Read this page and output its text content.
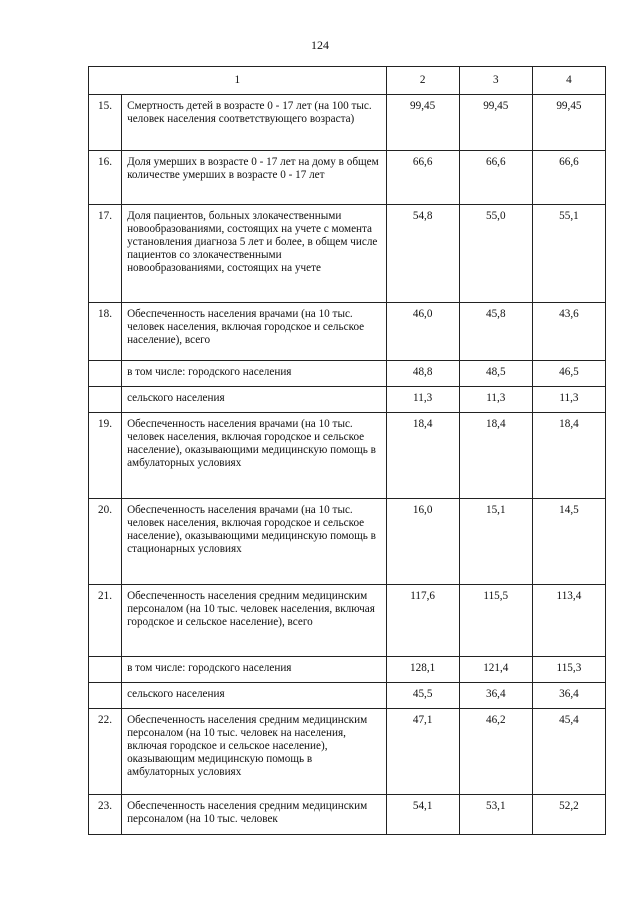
124
1		2	3	4
15.	Смертность детей в возрасте 0 - 17 лет (на 100 тыс. человек населения соответствующего возраста)	99,45	99,45	99,45
16.	Доля умерших в возрасте 0 - 17 лет на дому в общем количестве умерших в возрасте 0 - 17 лет	66,6	66,6	66,6
17.	Доля пациентов, больных злокачественными новообразованиями, состоящих на учете с момента установления диагноза 5 лет и более, в общем числе пациентов со злокачественными новообразованиями, состоящих на учете	54,8	55,0	55,1
18.	Обеспеченность населения врачами (на 10 тыс. человек населения, включая городское и сельское население), всего	46,0	45,8	43,6
	в том числе: городского населения	48,8	48,5	46,5
	сельского населения	11,3	11,3	11,3
19.	Обеспеченность населения врачами (на 10 тыс. человек населения, включая городское и сельское население), оказывающими медицинскую помощь в амбулаторных условиях	18,4	18,4	18,4
20.	Обеспеченность населения врачами (на 10 тыс. человек населения, включая городское и сельское население), оказывающими медицинскую помощь в стационарных условиях	16,0	15,1	14,5
21.	Обеспеченность населения средним медицинским персоналом (на 10 тыс. человек населения, включая городское и сельское население), всего	117,6	115,5	113,4
	в том числе: городского населения	128,1	121,4	115,3
	сельского населения	45,5	36,4	36,4
22.	Обеспеченность населения средним медицинским персоналом (на 10 тыс. человек на населения, включая городское и сельское население), оказывающим медицинскую помощь в амбулаторных условиях	47,1	46,2	45,4
23.	Обеспеченность населения средним медицинским персоналом (на 10 тыс. человек	54,1	53,1	52,2
